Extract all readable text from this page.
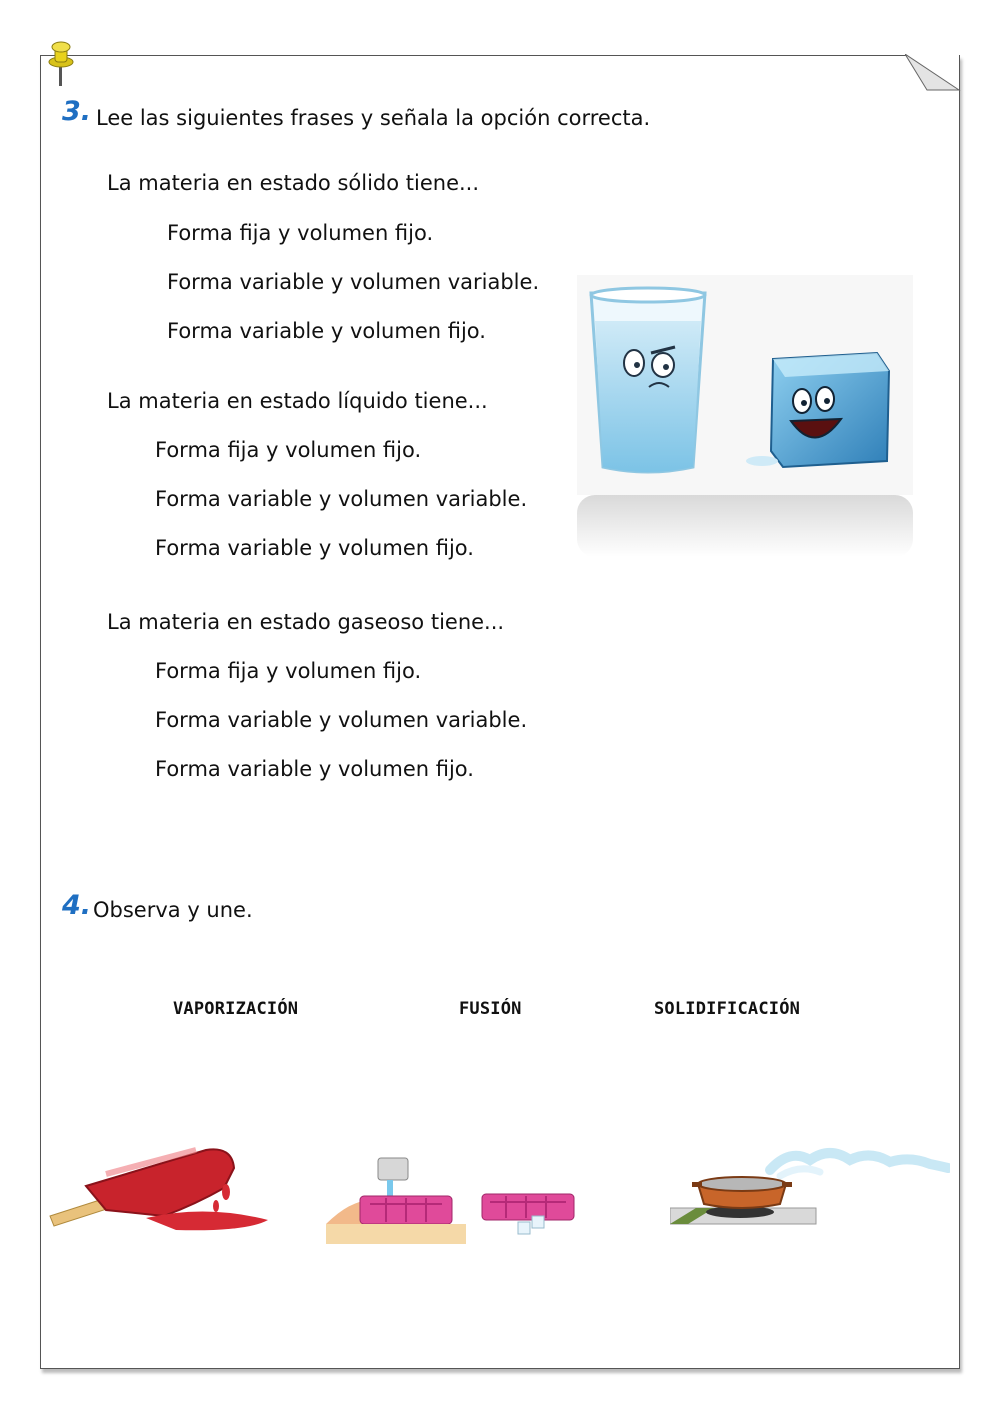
3. Lee las siguientes frases y señala la opción correcta.
La materia en estado sólido tiene...
Forma fija y volumen fijo.
Forma variable y volumen variable.
Forma variable y volumen fijo.
La materia en estado líquido tiene...
Forma fija y volumen fijo.
Forma variable y volumen variable.
Forma variable y volumen fijo.
La materia en estado gaseoso tiene...
Forma fija y volumen fijo.
Forma variable y volumen variable.
Forma variable y volumen fijo.
4. Observa y une.
VAPORIZACIÓN	FUSIÓN	SOLIDIFICACIÓN
